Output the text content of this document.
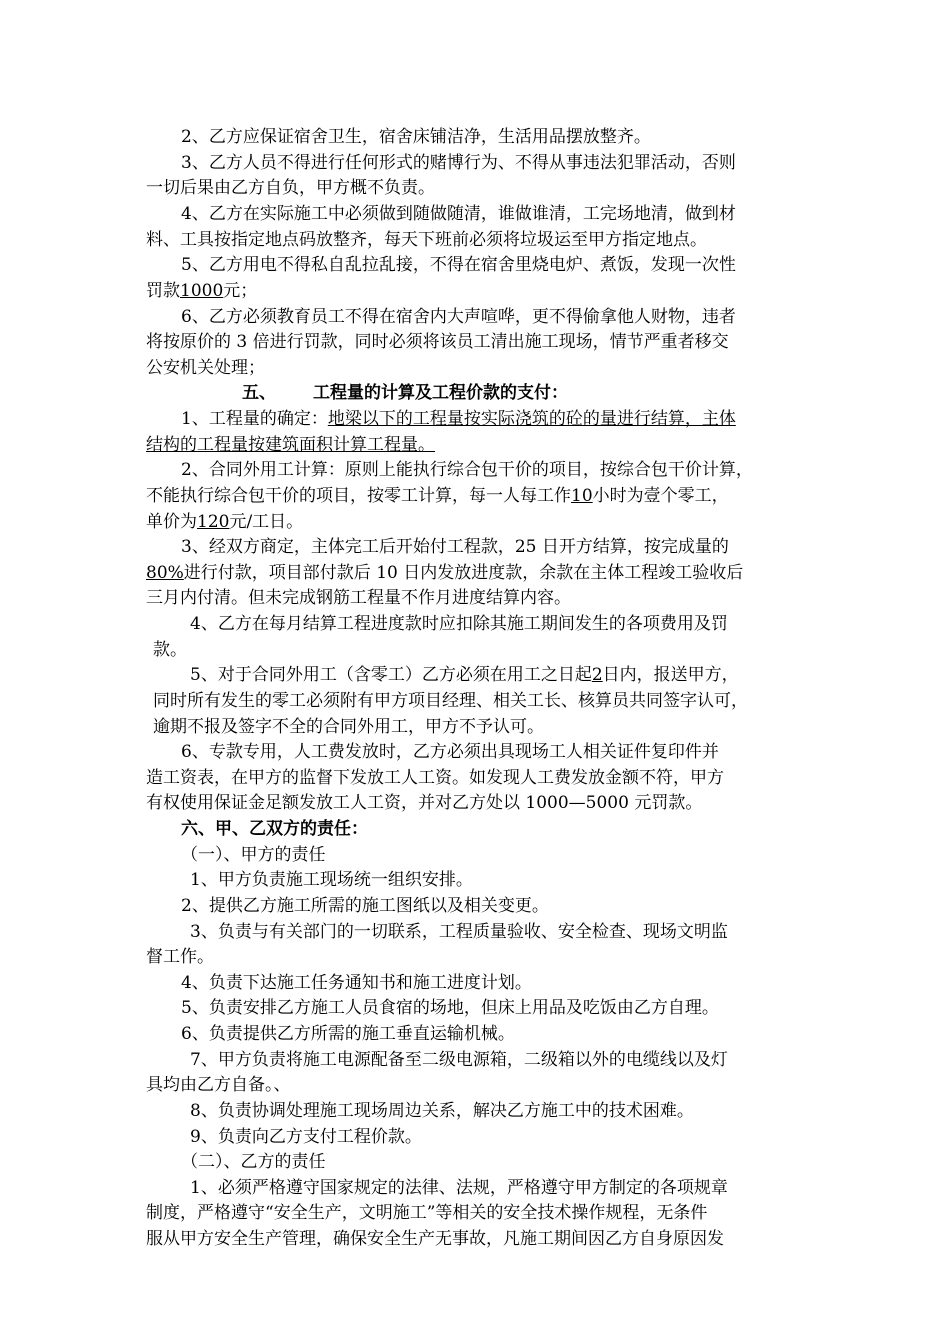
2、乙方应保证宿舍卫生，宿舍床铺洁净，生活用品摆放整齐。
3、乙方人员不得进行任何形式的赌博行为、不得从事违法犯罪活动，否则
一切后果由乙方自负，甲方概不负责。
4、乙方在实际施工中必须做到随做随清，谁做谁清，工完场地清，做到材
料、工具按指定地点码放整齐，每天下班前必须将垃圾运至甲方指定地点。
5、乙方用电不得私自乱拉乱接，不得在宿舍里烧电炉、煮饭，发现一次性
罚款1000元；
6、乙方必须教育员工不得在宿舍内大声喧哗，更不得偷拿他人财物，违者
将按原价的 3 倍进行罚款，同时必须将该员工清出施工现场，情节严重者移交
公安机关处理；
五、 工程量的计算及工程价款的支付：
1、工程量的确定：地梁以下的工程量按实际浇筑的砼的量进行结算，主体
结构的工程量按建筑面积计算工程量。
2、合同外用工计算：原则上能执行综合包干价的项目，按综合包干价计算，
不能执行综合包干价的项目，按零工计算，每一人每工作10小时为壹个零工，
单价为120元/工日。
3、经双方商定，主体完工后开始付工程款，25 日开方结算，按完成量的
80%进行付款，项目部付款后 10 日内发放进度款，余款在主体工程竣工验收后
三月内付清。但未完成钢筋工程量不作月进度结算内容。
4、乙方在每月结算工程进度款时应扣除其施工期间发生的各项费用及罚
款。
5、对于合同外用工（含零工）乙方必须在用工之日起2日内，报送甲方，
同时所有发生的零工必须附有甲方项目经理、相关工长、核算员共同签字认可，
逾期不报及签字不全的合同外用工，甲方不予认可。
6、专款专用，人工费发放时，乙方必须出具现场工人相关证件复印件并
造工资表，在甲方的监督下发放工人工资。如发现人工费发放金额不符，甲方
有权使用保证金足额发放工人工资，并对乙方处以 1000—5000 元罚款。
六、甲、乙双方的责任：
（一）、甲方的责任
1、甲方负责施工现场统一组织安排。
2、提供乙方施工所需的施工图纸以及相关变更。
3、负责与有关部门的一切联系，工程质量验收、安全检查、现场文明监
督工作。
4、负责下达施工任务通知书和施工进度计划。
5、负责安排乙方施工人员食宿的场地，但床上用品及吃饭由乙方自理。
6、负责提供乙方所需的施工垂直运输机械。
7、甲方负责将施工电源配备至二级电源箱，二级箱以外的电缆线以及灯
具均由乙方自备。、
8、负责协调处理施工现场周边关系，解决乙方施工中的技术困难。
9、负责向乙方支付工程价款。
（二）、乙方的责任
1、必须严格遵守国家规定的法律、法规，严格遵守甲方制定的各项规章
制度，严格遵守“安全生产，文明施工”等相关的安全技术操作规程，无条件
服从甲方安全生产管理，确保安全生产无事故，凡施工期间因乙方自身原因发
